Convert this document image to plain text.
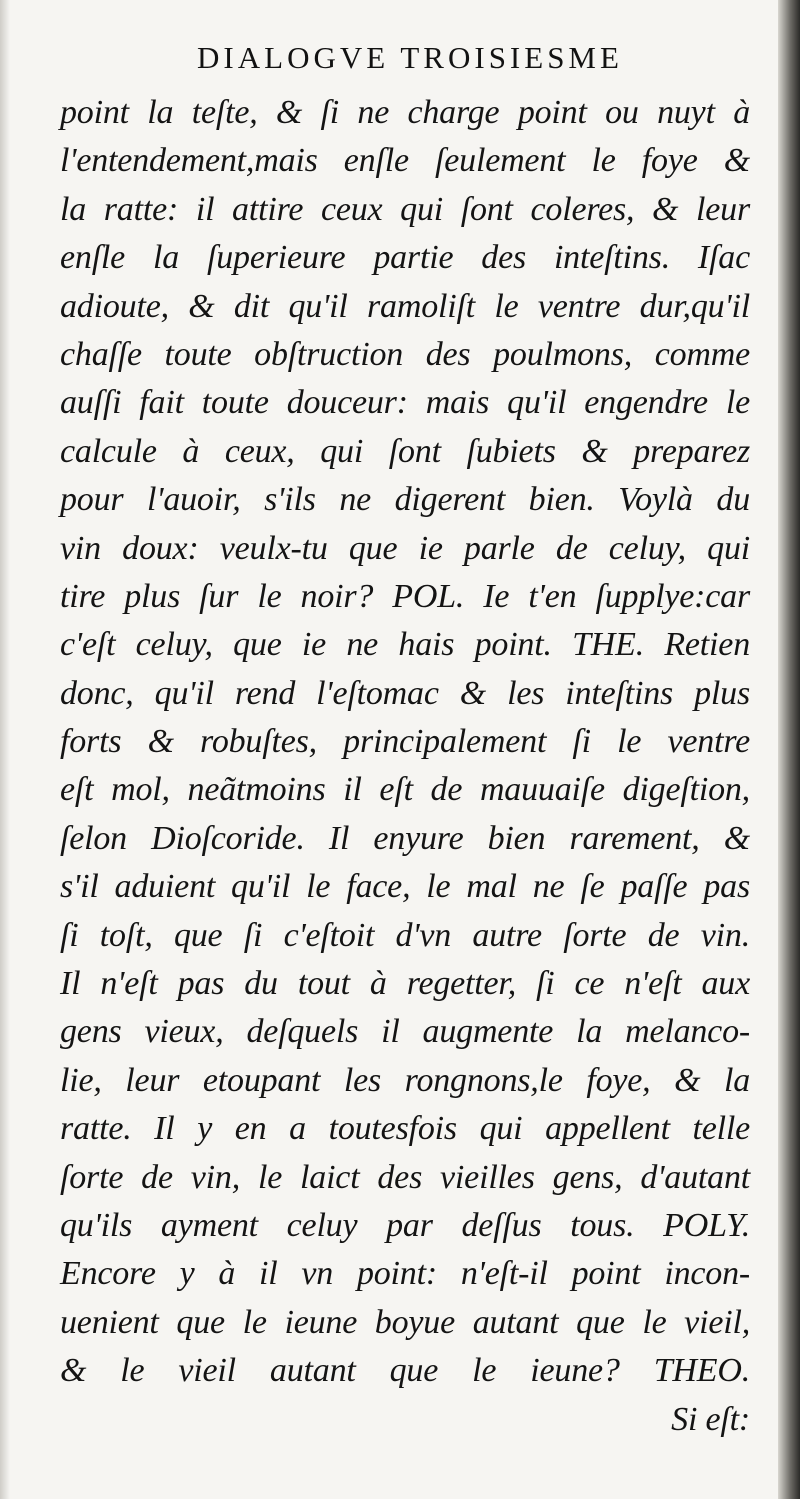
DIALOGVE TROISIESME
point la teſte, & ſi ne charge point ou nuyt à
l'entendement,mais enſle ſeulement le foye &
la ratte: il attire ceux qui ſont coleres, & leur
enſle la ſuperieure partie des inteſtins. Iſac
adioute, & dit qu'il ramoliſt le ventre dur,qu'il
chaſſe toute obſtruction des poulmons, comme
auſſi fait toute douceur: mais qu'il engendre le
calcule à ceux, qui ſont ſubiets & preparez
pour l'auoir, s'ils ne digerent bien. Voylà du
vin doux: veulx-tu que ie parle de celuy, qui
tire plus ſur le noir? POL. Ie t'en ſupplye:car
c'eſt celuy, que ie ne hais point. THE. Retien
donc, qu'il rend l'eſtomac & les inteſtins plus
forts & robuſtes, principalement ſi le ventre
eſt mol, neãtmoins il eſt de mauuaiſe digeſtion,
ſelon Dioſcoride. Il enyure bien rarement, &
s'il aduient qu'il le face, le mal ne ſe paſſe pas
ſi toſt, que ſi c'eſtoit d'vn autre ſorte de vin.
Il n'eſt pas du tout à regetter, ſi ce n'eſt aux
gens vieux, deſquels il augmente la melanco-
lie, leur etoupant les rongnons,le foye, & la
ratte. Il y en a toutesfois qui appellent telle
ſorte de vin, le laict des vieilles gens, d'autant
qu'ils ayment celuy par deſſus tous. POLY.
Encore y à il vn point: n'eſt-il point incon-
uenient que le ieune boyue autant que le vieil,
& le vieil autant que le ieune? THEO.
Si eſt:
